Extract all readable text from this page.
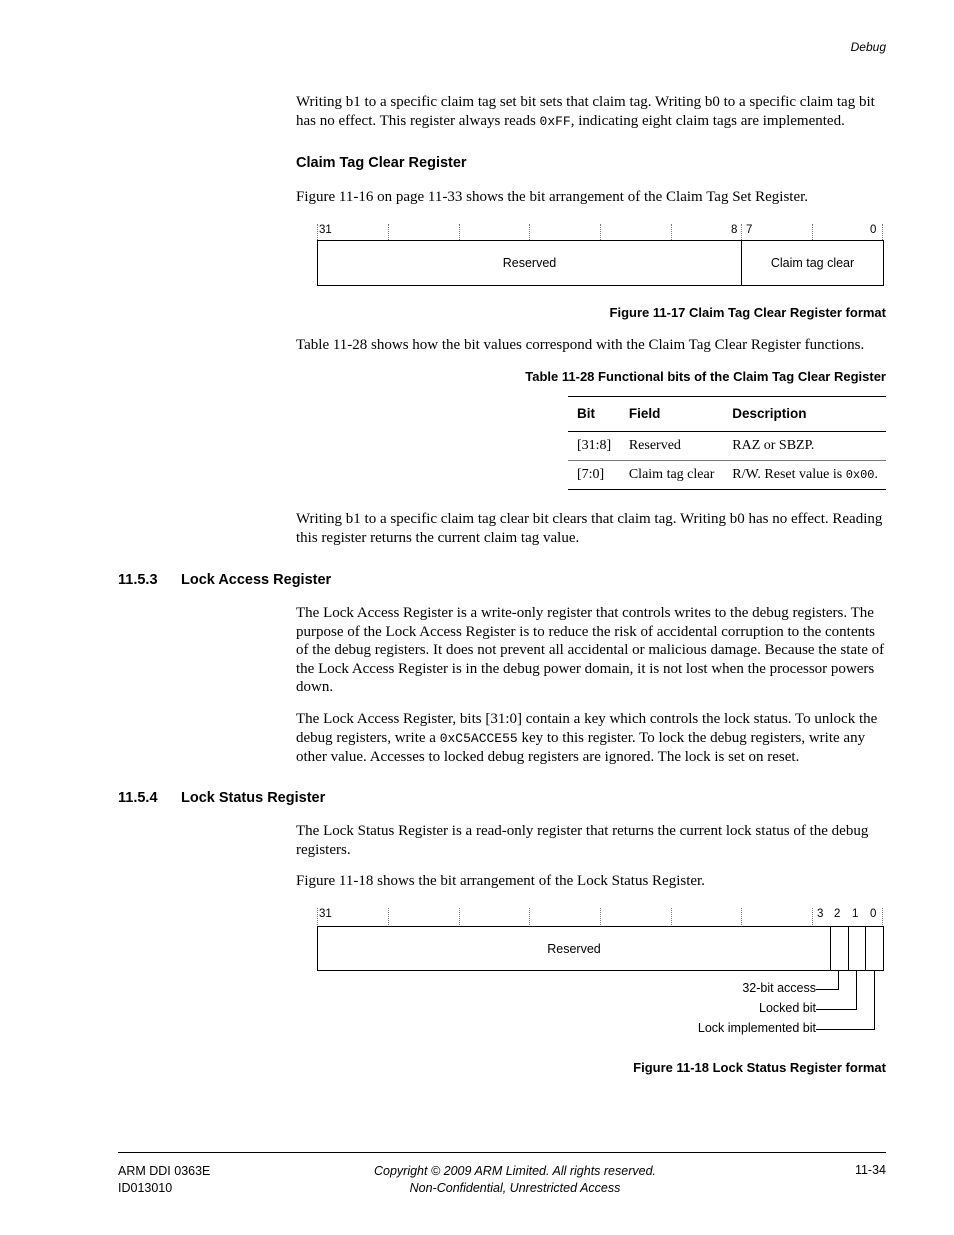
Debug

Writing b1 to a specific claim tag set bit sets that claim tag. Writing b0 to a specific claim tag bit has no effect. This register always reads 0xFF, indicating eight claim tags are implemented.

Claim Tag Clear Register

Figure 11-16 on page 11-33 shows the bit arrangement of the Claim Tag Set Register.

31	8 7	0
Reserved	Claim tag clear
Figure 11-17 Claim Tag Clear Register format

Table 11-28 shows how the bit values correspond with the Claim Tag Clear Register functions.

Table 11-28 Functional bits of the Claim Tag Clear Register
Bit	Field	Description
[31:8]	Reserved	RAZ or SBZP.
[7:0]	Claim tag clear	R/W. Reset value is 0x00.

Writing b1 to a specific claim tag clear bit clears that claim tag. Writing b0 has no effect. Reading this register returns the current claim tag value.

11.5.3 Lock Access Register

The Lock Access Register is a write-only register that controls writes to the debug registers. The purpose of the Lock Access Register is to reduce the risk of accidental corruption to the contents of the debug registers. It does not prevent all accidental or malicious damage. Because the state of the Lock Access Register is in the debug power domain, it is not lost when the processor powers down.

The Lock Access Register, bits [31:0] contain a key which controls the lock status. To unlock the debug registers, write a 0xC5ACCE55 key to this register. To lock the debug registers, write any other value. Accesses to locked debug registers are ignored. The lock is set on reset.

11.5.4 Lock Status Register

The Lock Status Register is a read-only register that returns the current lock status of the debug registers.

Figure 11-18 shows the bit arrangement of the Lock Status Register.

31	3 2 1 0
Reserved
32-bit access
Locked bit
Lock implemented bit
Figure 11-18 Lock Status Register format
ARM DDI 0363E
ID013010
Copyright © 2009 ARM Limited. All rights reserved.
Non-Confidential, Unrestricted Access
11-34
